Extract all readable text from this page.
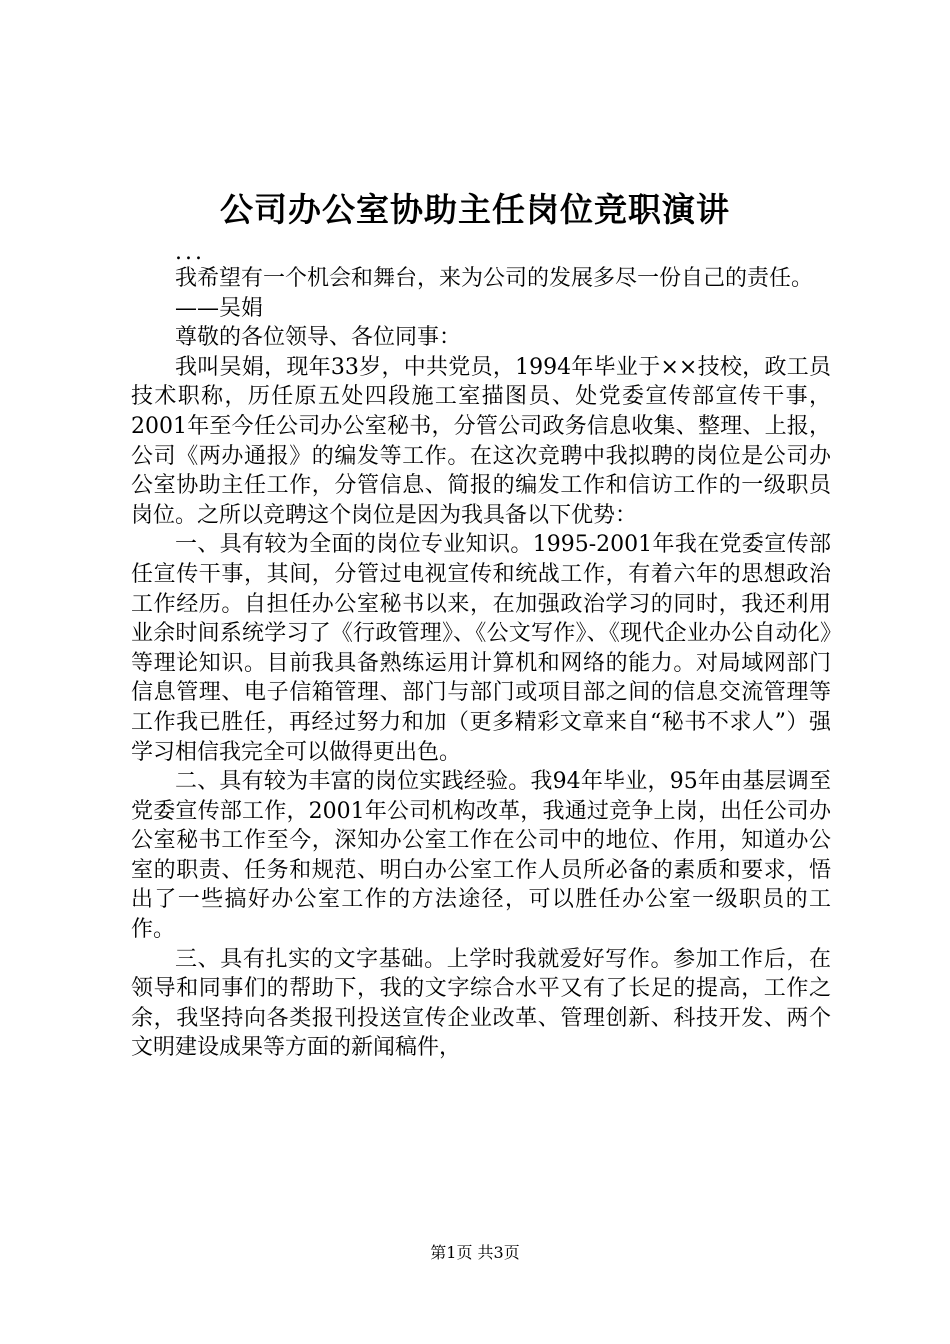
公司办公室协助主任岗位竞职演讲

...

我希望有一个机会和舞台，来为公司的发展多尽一份自己的责任。

——吴娟

尊敬的各位领导、各位同事：

我叫吴娟，现年33岁，中共党员，1994年毕业于××技校，政工员技术职称，历任原五处四段施工室描图员、处党委宣传部宣传干事，2001年至今任公司办公室秘书，分管公司政务信息收集、整理、上报，公司《两办通报》的编发等工作。在这次竞聘中我拟聘的岗位是公司办公室协助主任工作，分管信息、简报的编发工作和信访工作的一级职员岗位。之所以竞聘这个岗位是因为我具备以下优势：

一、具有较为全面的岗位专业知识。1995-2001年我在党委宣传部任宣传干事，其间，分管过电视宣传和统战工作，有着六年的思想政治工作经历。自担任办公室秘书以来，在加强政治学习的同时，我还利用业余时间系统学习了《行政管理》、《公文写作》、《现代企业办公自动化》等理论知识。目前我具备熟练运用计算机和网络的能力。对局域网部门信息管理、电子信箱管理、部门与部门或项目部之间的信息交流管理等工作我已胜任，再经过努力和加（更多精彩文章来自“秘书不求人”）强学习相信我完全可以做得更出色。

二、具有较为丰富的岗位实践经验。我94年毕业，95年由基层调至党委宣传部工作，2001年公司机构改革，我通过竞争上岗，出任公司办公室秘书工作至今，深知办公室工作在公司中的地位、作用，知道办公室的职责、任务和规范、明白办公室工作人员所必备的素质和要求，悟出了一些搞好办公室工作的方法途径，可以胜任办公室一级职员的工作。

三、具有扎实的文字基础。上学时我就爱好写作。参加工作后，在领导和同事们的帮助下，我的文字综合水平又有了长足的提高，工作之余，我坚持向各类报刊投送宣传企业改革、管理创新、科技开发、两个文明建设成果等方面的新闻稿件，

第1页 共3页
